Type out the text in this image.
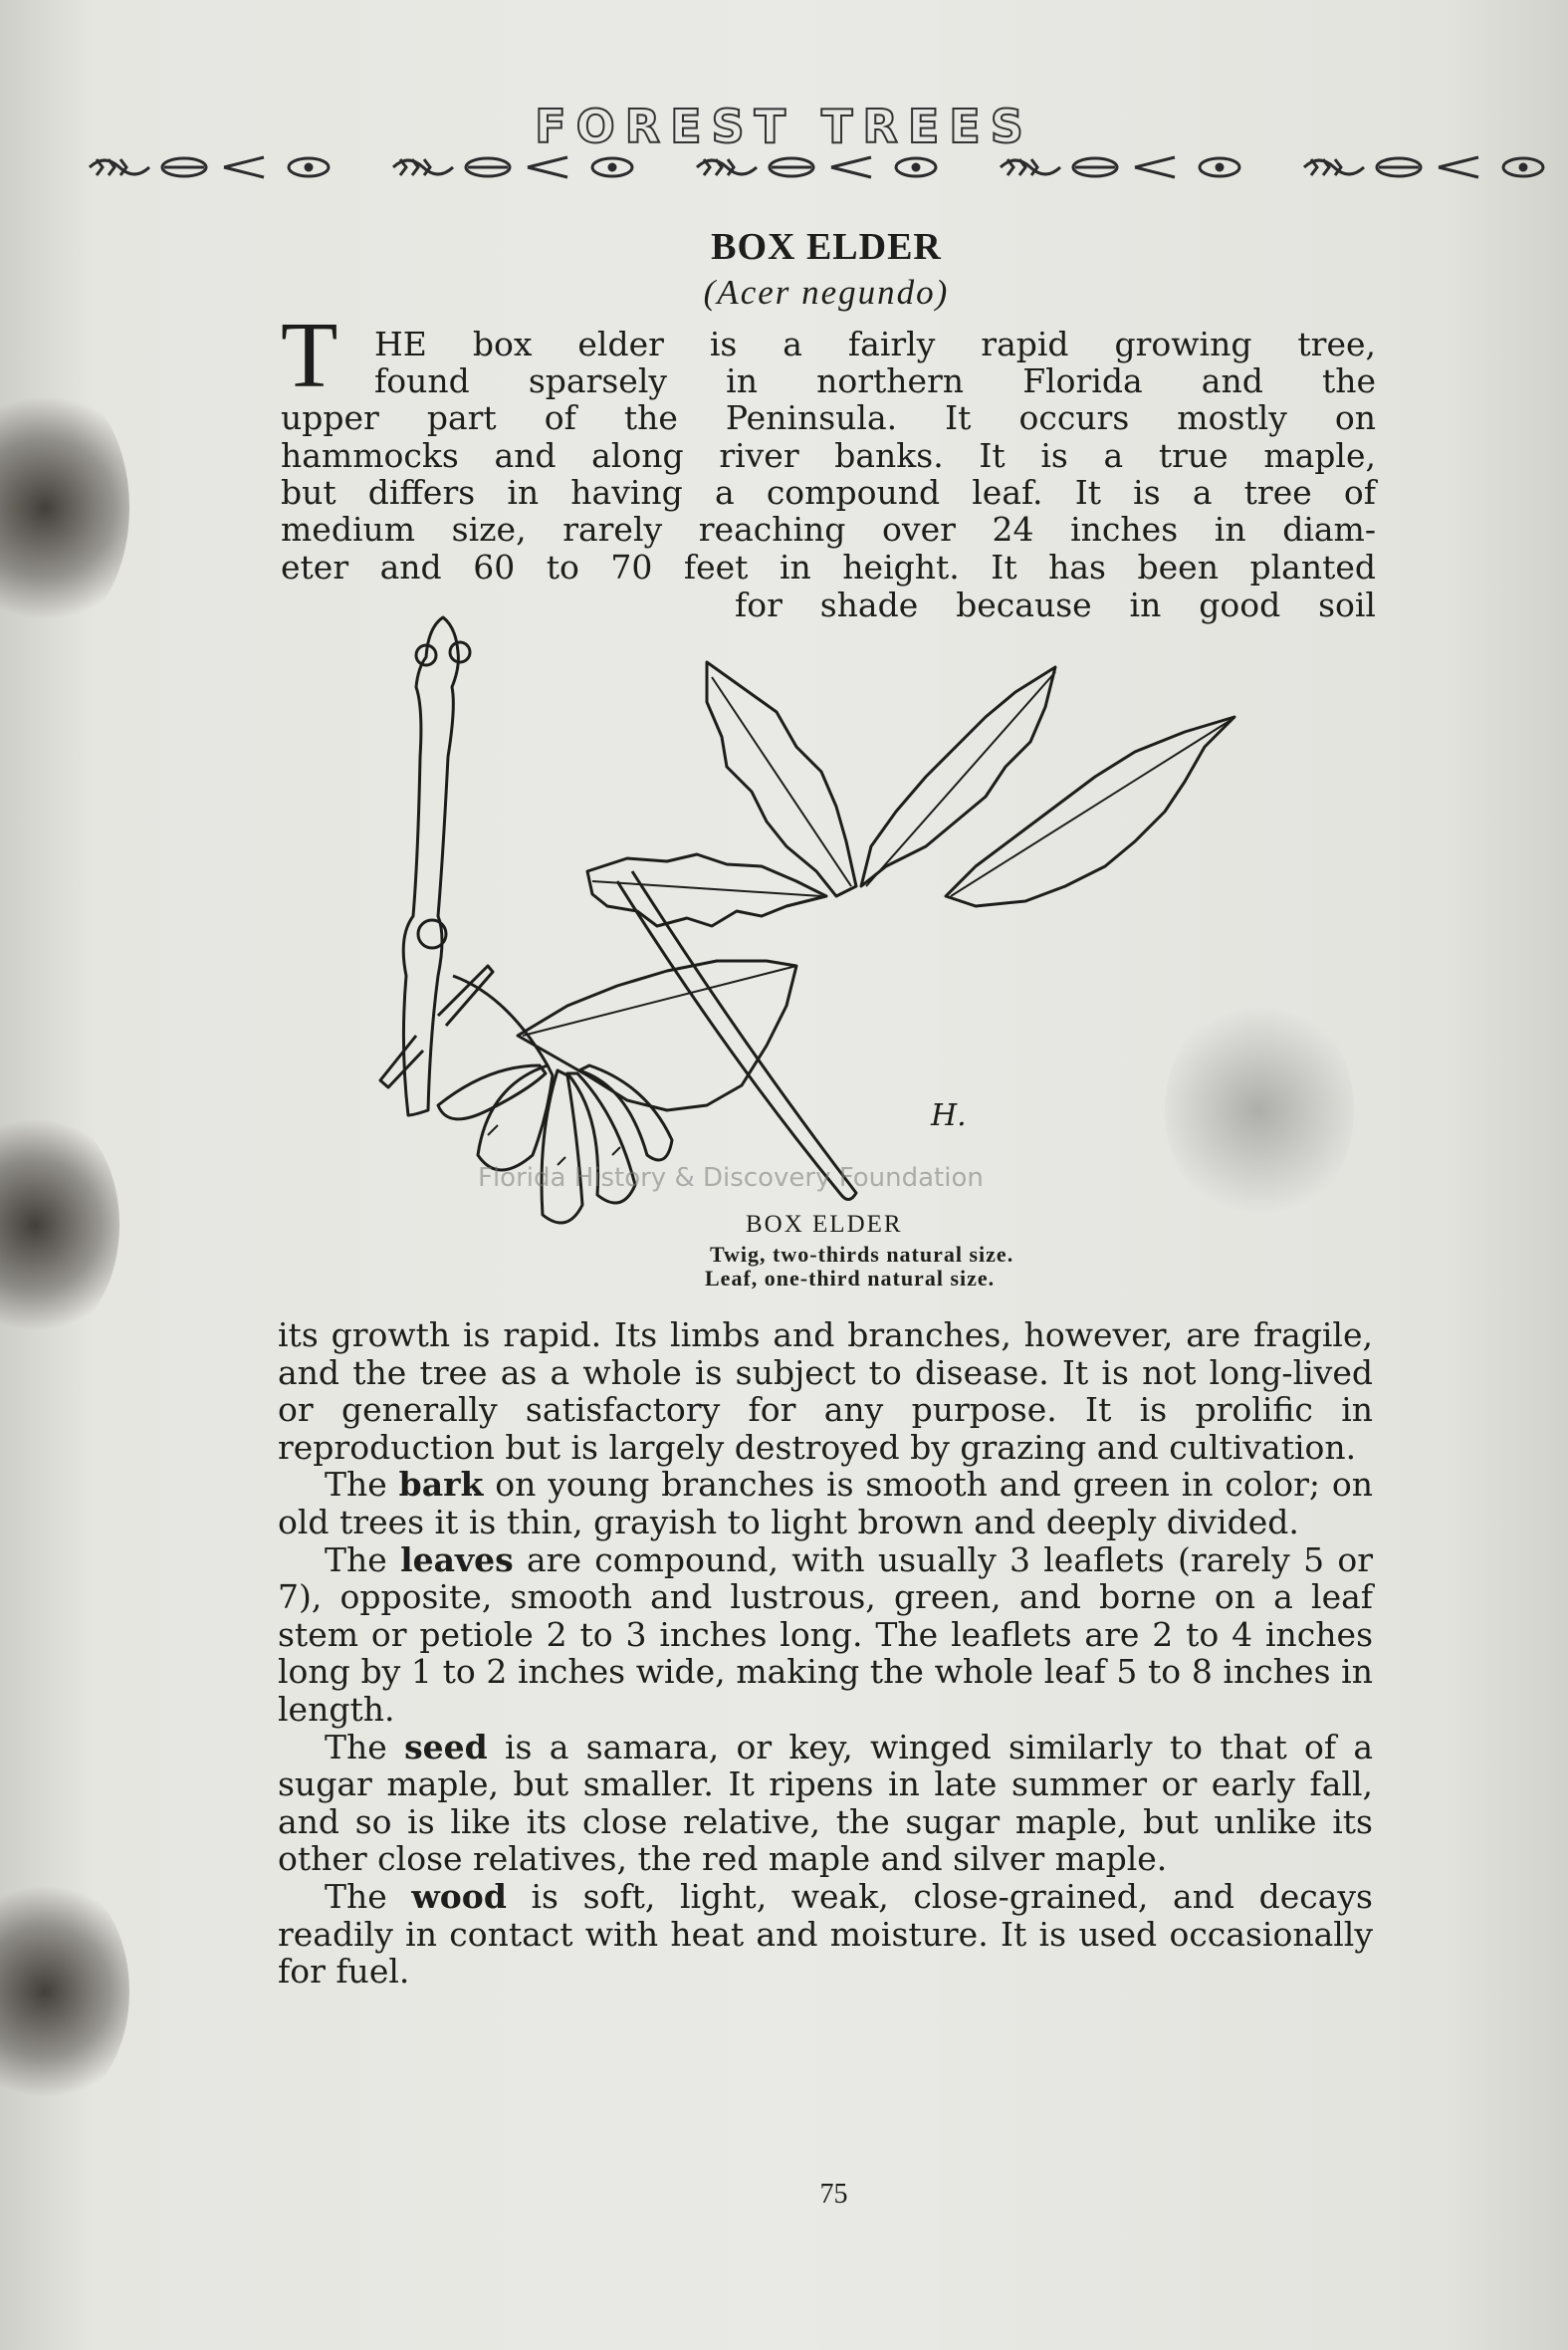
FOREST TREES
BOX ELDER
(Acer negundo)
T HE box elder is a fairly rapid growing tree,
found sparsely in northern Florida and the
upper part of the Peninsula. It occurs mostly on
hammocks and along river banks. It is a true maple,
but differs in having a compound leaf. It is a tree of
medium size, rarely reaching over 24 inches in diam-
eter and 60 to 70 feet in height. It has been planted
for shade because in good soil
H.
Florida History & Discovery Foundation
BOX ELDER
Twig, two-thirds natural size.
Leaf, one-third natural size.

its growth is rapid. Its limbs and branches, however, are fragile, and the tree as a whole is subject to disease. It is not long-lived or generally satisfactory for any purpose. It is prolific in reproduction but is largely destroyed by grazing and cultivation.

The bark on young branches is smooth and green in color; on old trees it is thin, grayish to light brown and deeply divided.

The leaves are compound, with usually 3 leaflets (rarely 5 or 7), opposite, smooth and lustrous, green, and borne on a leaf stem or petiole 2 to 3 inches long. The leaflets are 2 to 4 inches long by 1 to 2 inches wide, making the whole leaf 5 to 8 inches in length.

The seed is a samara, or key, winged similarly to that of a sugar maple, but smaller. It ripens in late summer or early fall, and so is like its close relative, the sugar maple, but unlike its other close relatives, the red maple and silver maple.

The wood is soft, light, weak, close-grained, and decays readily in contact with heat and moisture. It is used occasionally for fuel.

75
